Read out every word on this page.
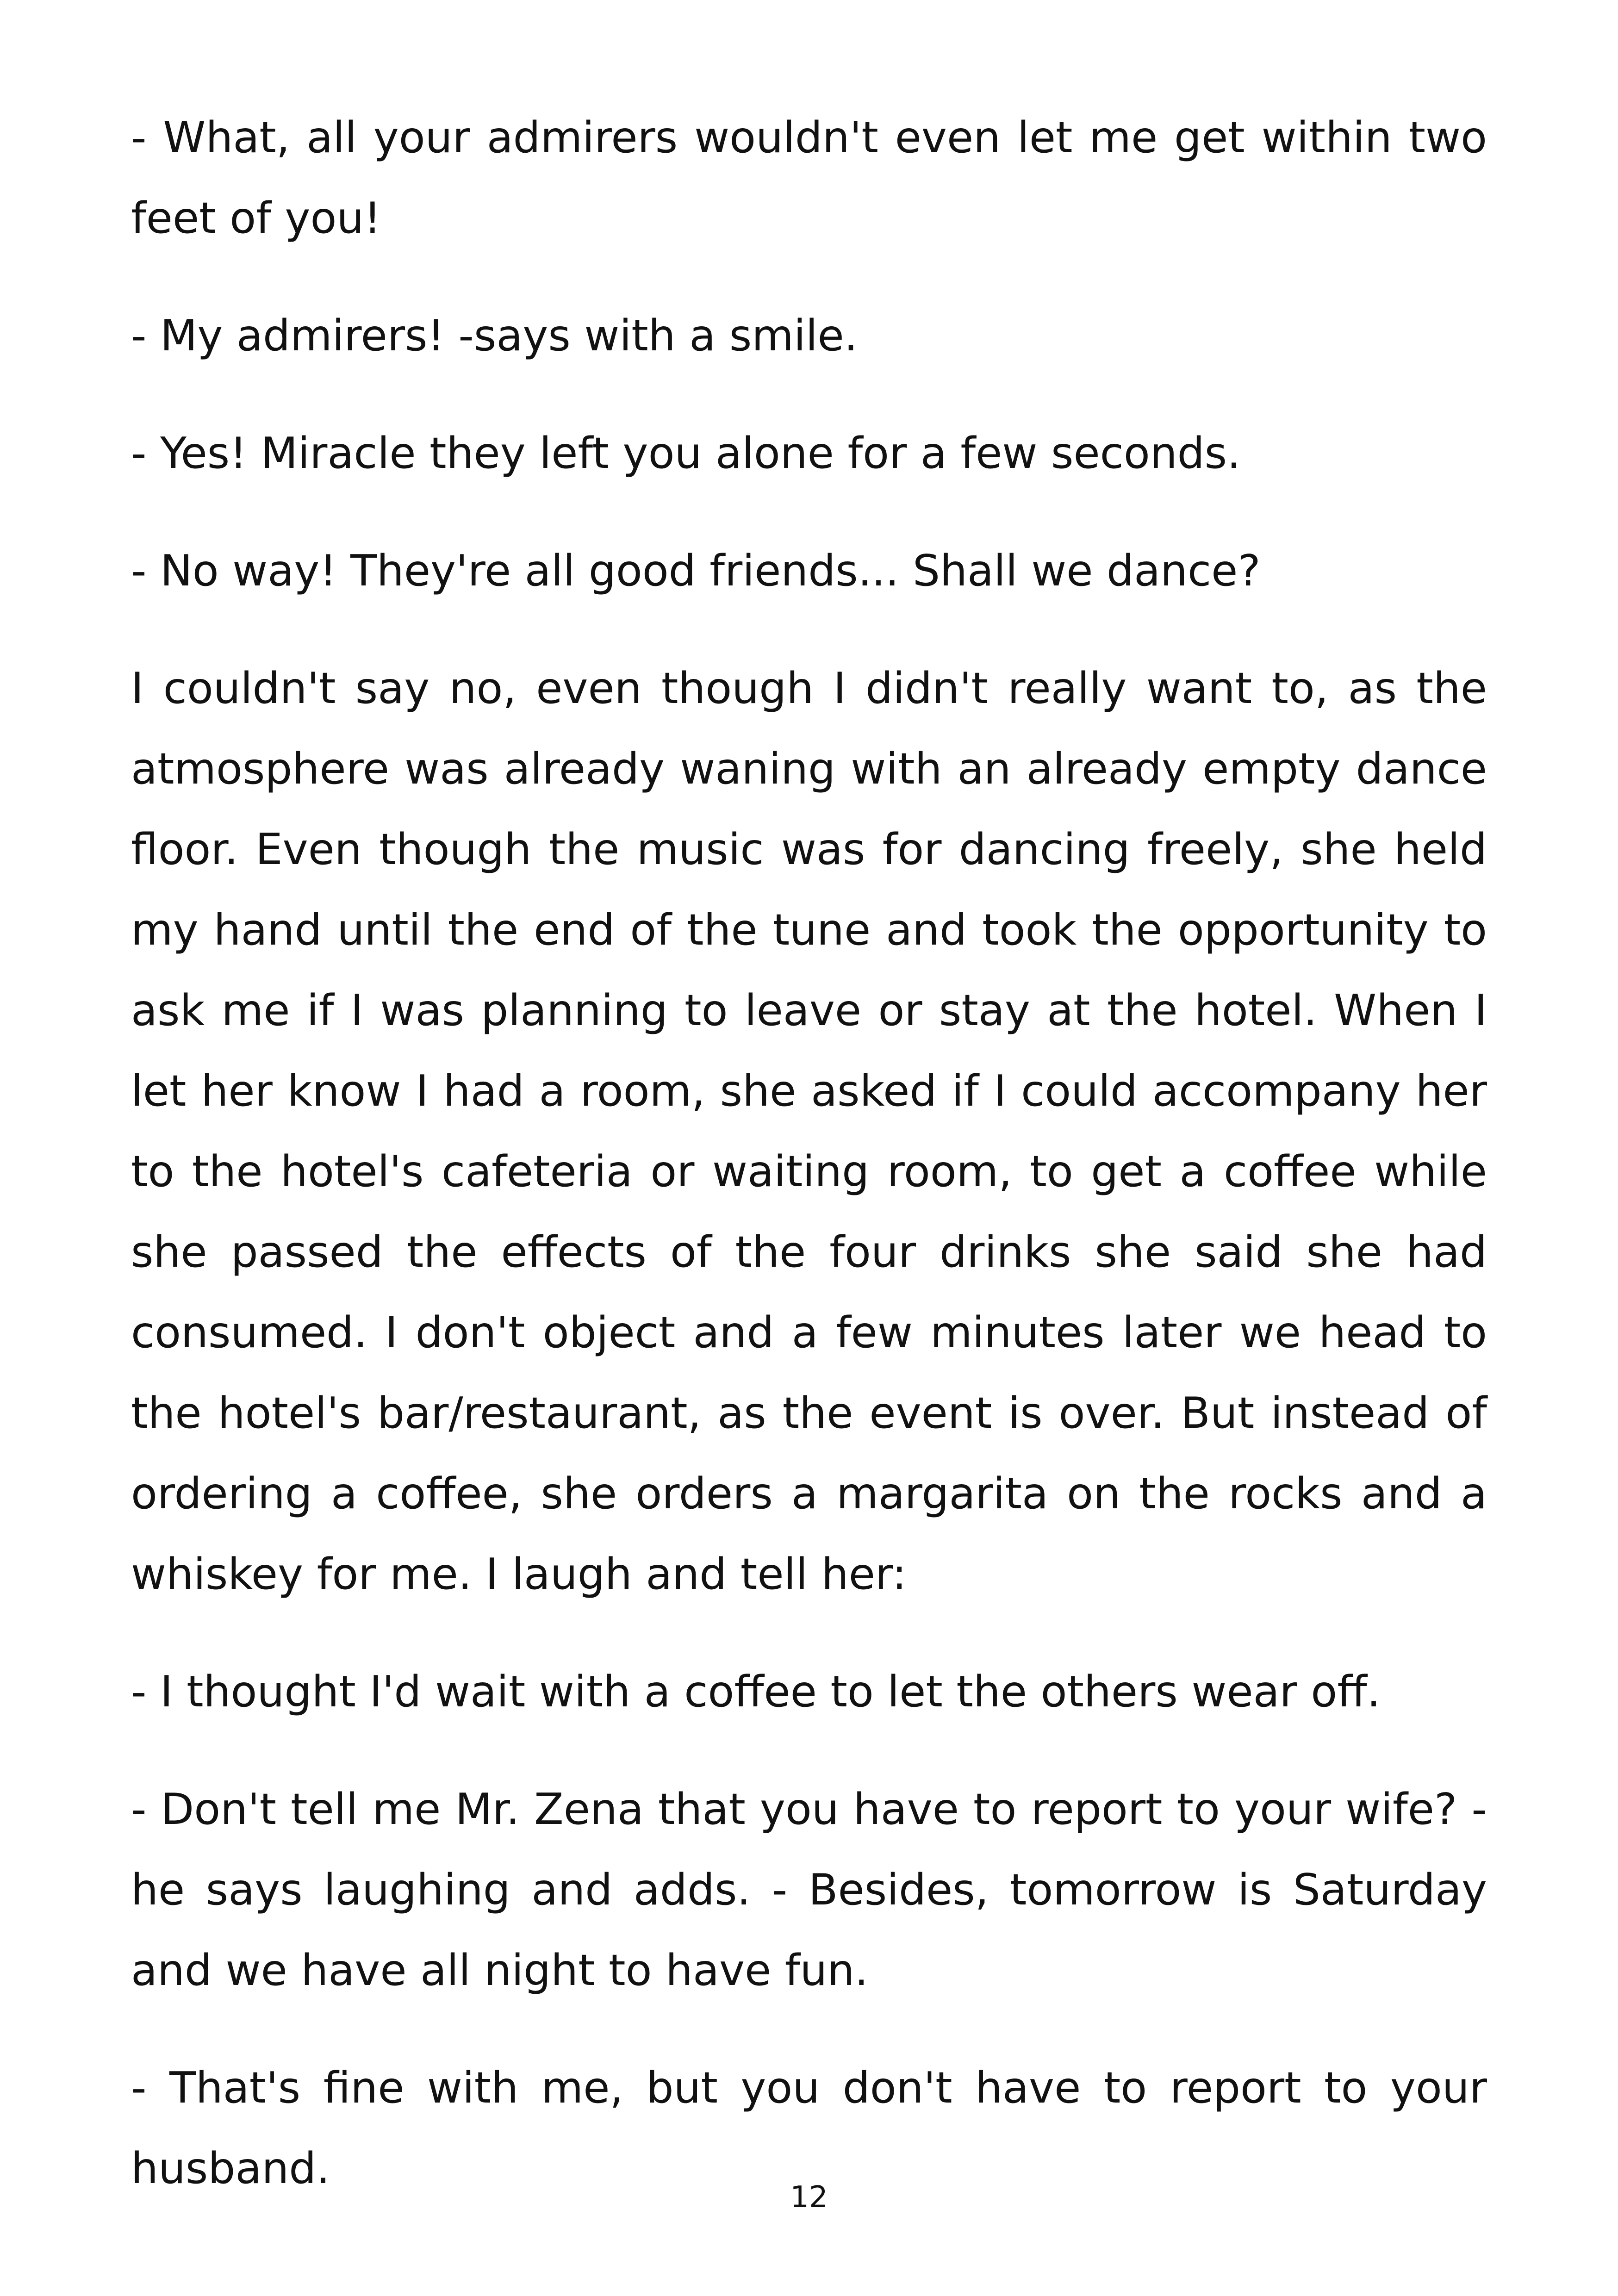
- What, all your admirers wouldn't even let me get within two feet of you!

- My admirers! -says with a smile.

- Yes! Miracle they left you alone for a few seconds.

- No way! They're all good friends... Shall we dance?

I couldn't say no, even though I didn't really want to, as the atmosphere was already waning with an already empty dance floor. Even though the music was for dancing freely, she held my hand until the end of the tune and took the opportunity to ask me if I was planning to leave or stay at the hotel. When I let her know I had a room, she asked if I could accompany her to the hotel's cafeteria or waiting room, to get a coffee while she passed the effects of the four drinks she said she had consumed. I don't object and a few minutes later we head to the hotel's bar/restaurant, as the event is over. But instead of ordering a coffee, she orders a margarita on the rocks and a whiskey for me. I laugh and tell her:

- I thought I'd wait with a coffee to let the others wear off.

- Don't tell me Mr. Zena that you have to report to your wife? - he says laughing and adds. - Besides, tomorrow is Saturday and we have all night to have fun.

- That's fine with me, but you don't have to report to your husband.

12
